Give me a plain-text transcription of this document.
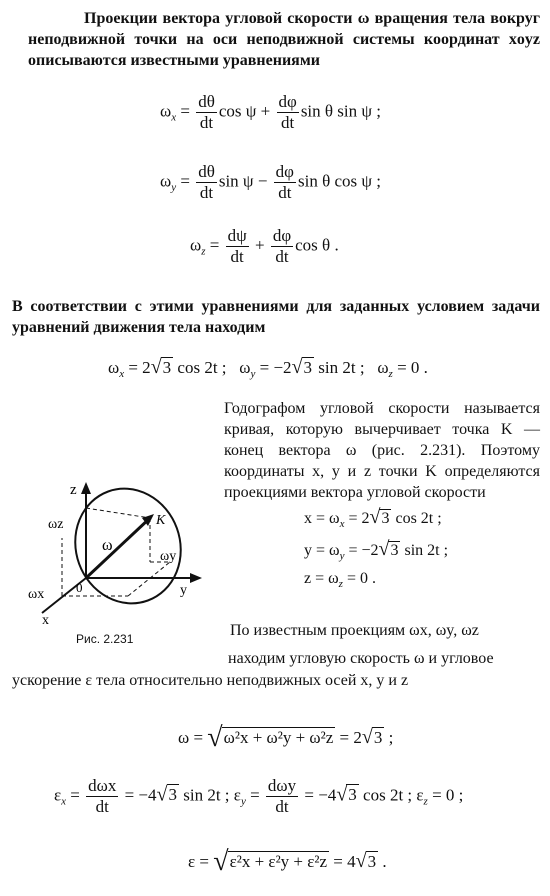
Проекции вектора угловой скорости ω вращения тела вокруг неподвижной точки на оси неподвижной системы координат xoyz описываются известными уравнениями
$\omega_x = \frac{d\theta}{dt}$ $\cos \psi + \frac{d\varphi}{dt}$ sin θ sin ψ ;
$\omega_y = \frac{d\theta}{dt}$ $\sin \psi - \frac{d\varphi}{dt}$ sin θ cos ψ ;
$\omega_z = \frac{d\psi}{dt} + \frac{d\varphi}{dt}$ cos θ .
В соответствии с этими уравнениями для заданных условием задачи уравнений движения тела находим
$\omega_x = 2√3$ cos 2t ; $\omega_y = -2√3$ sin 2t ; $\omega_z = 0$ .
Годографом угловой скорости называется кривая, которую вычерчивает точка K — конец вектора ω (рис. 2.231). Поэтому координаты x, y и z точки K определяются проекциями вектора угловой скорости
z
ωz
ω
K
ωy
y
0
ωx
x
Рис. 2.231
$x = \omega_x = 2√3$ cos 2t ;
$y = \omega_y = -2√3$ sin 2t ;
$z = \omega_z = 0$ .
По известным проекциям ωx, ωy, ωz
находим угловую скорость ω и угловое
ускорение ε тела относительно неподвижных осей x, y и z
ω = √ω²x + ω²y + ω²z = 2√3 ;
$\varepsilon_x = \frac{\text{dωx}}{dt} = -4√3$ sin 2t ; $\varepsilon_y = \frac{\text{dωy}}{dt} = -4√3$ cos 2t ; $\varepsilon_z = 0$ ;
ε = √ε²x + ε²y + ε²z = 4√3 .
